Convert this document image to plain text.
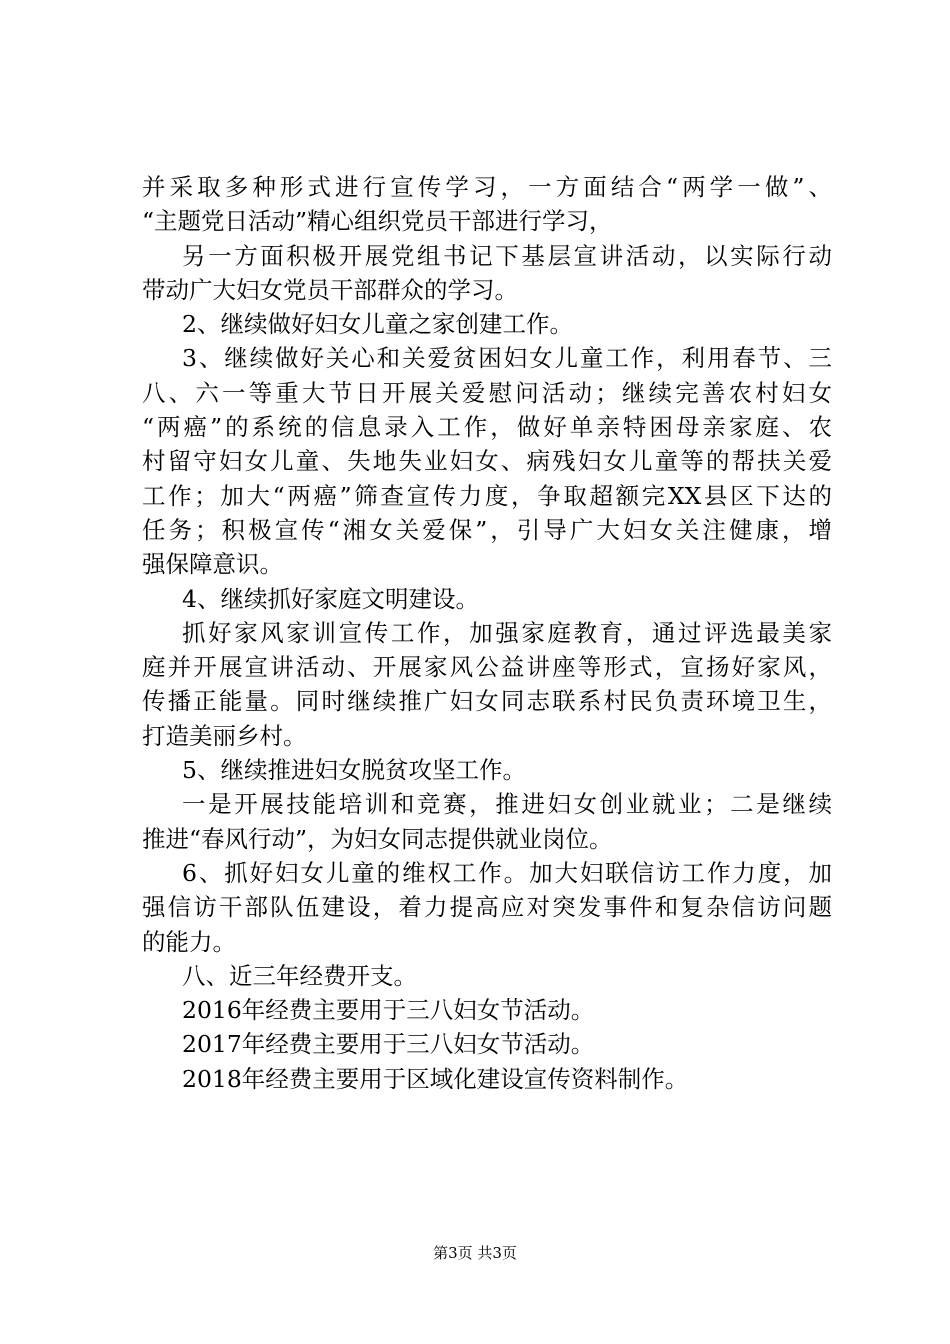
并采取多种形式进行宣传学习，一方面结合“两学一做”、
“主题党日活动”精心组织党员干部进行学习，
另一方面积极开展党组书记下基层宣讲活动，以实际行动
带动广大妇女党员干部群众的学习。
2、继续做好妇女儿童之家创建工作。
3、继续做好关心和关爱贫困妇女儿童工作，利用春节、三
八、六一等重大节日开展关爱慰问活动；继续完善农村妇女
“两癌”的系统的信息录入工作，做好单亲特困母亲家庭、农
村留守妇女儿童、失地失业妇女、病残妇女儿童等的帮扶关爱
工作；加大“两癌”筛查宣传力度，争取超额完XX县区下达的
任务；积极宣传“湘女关爱保”，引导广大妇女关注健康，增
强保障意识。
4、继续抓好家庭文明建设。
抓好家风家训宣传工作，加强家庭教育，通过评选最美家
庭并开展宣讲活动、开展家风公益讲座等形式，宣扬好家风，
传播正能量。同时继续推广妇女同志联系村民负责环境卫生，
打造美丽乡村。
5、继续推进妇女脱贫攻坚工作。
一是开展技能培训和竞赛，推进妇女创业就业；二是继续
推进“春风行动”，为妇女同志提供就业岗位。
6、抓好妇女儿童的维权工作。加大妇联信访工作力度，加
强信访干部队伍建设，着力提高应对突发事件和复杂信访问题
的能力。
八、近三年经费开支。
2016年经费主要用于三八妇女节活动。
2017年经费主要用于三八妇女节活动。
2018年经费主要用于区域化建设宣传资料制作。
第3页 共3页
